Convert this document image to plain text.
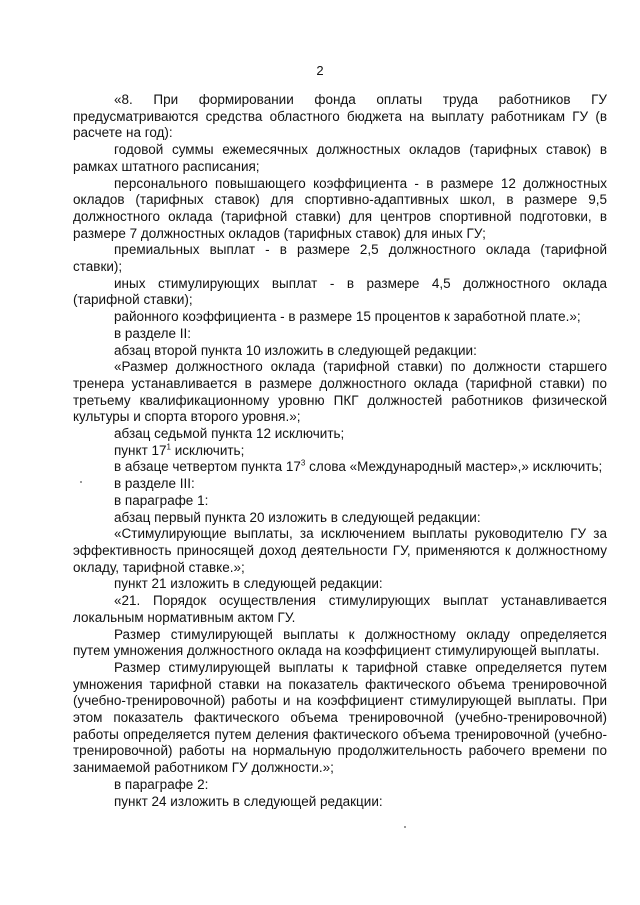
2

«8. При формировании фонда оплаты труда работников ГУ предусматриваются средства областного бюджета на выплату работникам ГУ (в расчете на год):

годовой суммы ежемесячных должностных окладов (тарифных ставок) в рамках штатного расписания;

персонального повышающего коэффициента - в размере 12 должностных окладов (тарифных ставок) для спортивно-адаптивных школ, в размере 9,5 должностного оклада (тарифной ставки) для центров спортивной подготовки, в размере 7 должностных окладов (тарифных ставок) для иных ГУ;

премиальных выплат - в размере 2,5 должностного оклада (тарифной ставки);

иных стимулирующих выплат - в размере 4,5 должностного оклада (тарифной ставки);

районного коэффициента - в размере 15 процентов к заработной плате.»;

в разделе II:

абзац второй пункта 10 изложить в следующей редакции:

«Размер должностного оклада (тарифной ставки) по должности старшего тренера устанавливается в размере должностного оклада (тарифной ставки) по третьему квалификационному уровню ПКГ должностей работников физической культуры и спорта второго уровня.»;

абзац седьмой пункта 12 исключить;

пункт $17^1$ исключить;

в абзаце четвертом пункта $17^3$ слова «Международный мастер»,» исключить;

в разделе III:

в параграфе 1:

абзац первый пункта 20 изложить в следующей редакции:

«Стимулирующие выплаты, за исключением выплаты руководителю ГУ за эффективность приносящей доход деятельности ГУ, применяются к должностному окладу, тарифной ставке.»;

пункт 21 изложить в следующей редакции:

«21. Порядок осуществления стимулирующих выплат устанавливается локальным нормативным актом ГУ.

Размер стимулирующей выплаты к должностному окладу определяется путем умножения должностного оклада на коэффициент стимулирующей выплаты.

Размер стимулирующей выплаты к тарифной ставке определяется путем умножения тарифной ставки на показатель фактического объема тренировочной (учебно-тренировочной) работы и на коэффициент стимулирующей выплаты. При этом показатель фактического объема тренировочной (учебно-тренировочной) работы определяется путем деления фактического объема тренировочной (учебно-тренировочной) работы на нормальную продолжительность рабочего времени по занимаемой работником ГУ должности.»;

в параграфе 2:

пункт 24 изложить в следующей редакции:
